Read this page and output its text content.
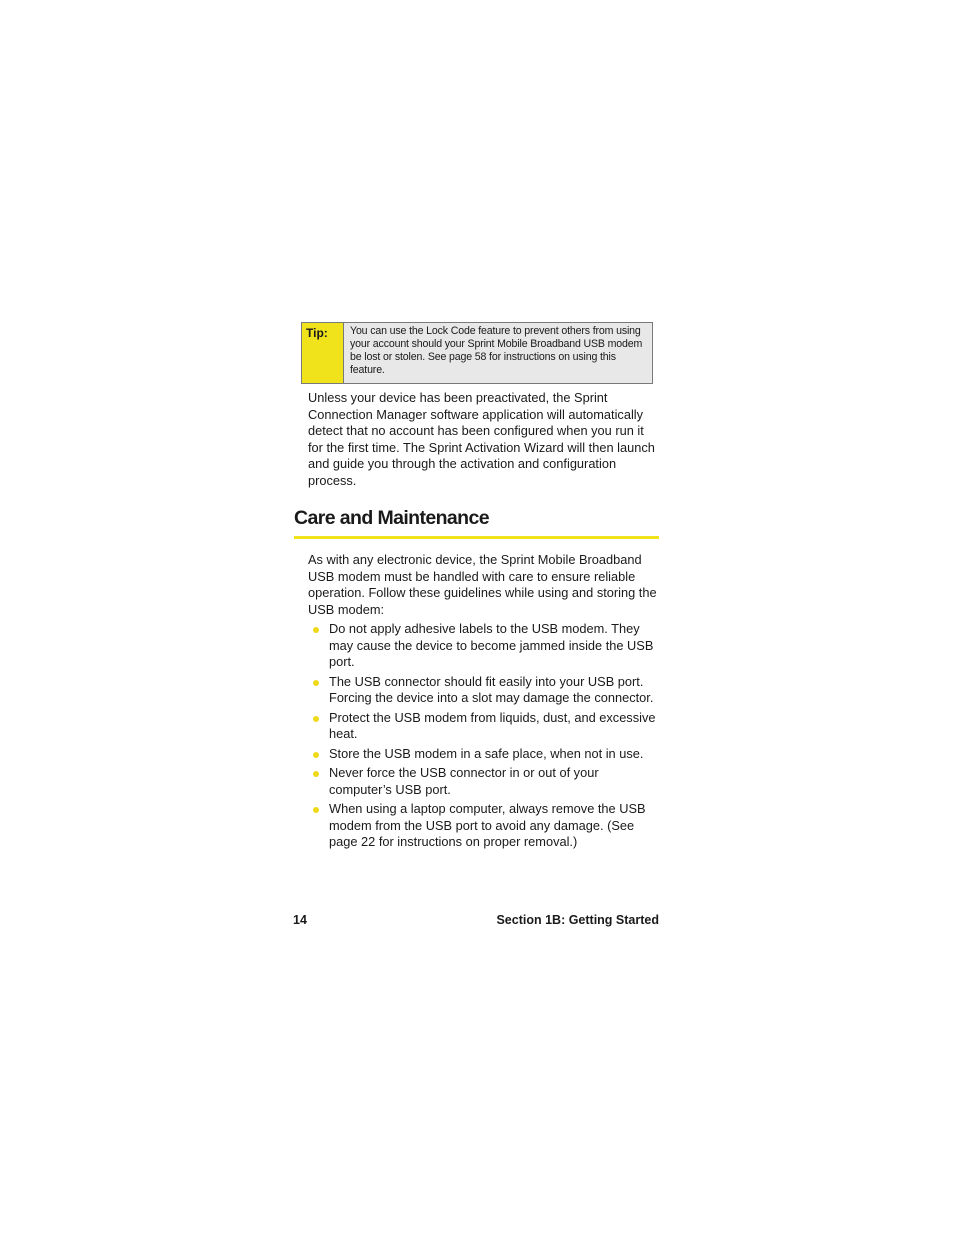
Tip:	You can use the Lock Code feature to prevent others from using your account should your Sprint Mobile Broadband USB modem be lost or stolen. See page 58 for instructions on using this feature.

Unless your device has been preactivated, the Sprint Connection Manager software application will automatically detect that no account has been configured when you run it for the first time. The Sprint Activation Wizard will then launch and guide you through the activation and configuration process.

Care and Maintenance

As with any electronic device, the Sprint Mobile Broadband USB modem must be handled with care to ensure reliable operation. Follow these guidelines while using and storing the USB modem:

Do not apply adhesive labels to the USB modem. They may cause the device to become jammed inside the USB port.
The USB connector should fit easily into your USB port. Forcing the device into a slot may damage the connector.
Protect the USB modem from liquids, dust, and excessive heat.
Store the USB modem in a safe place, when not in use.
Never force the USB connector in or out of your computer’s USB port.
When using a laptop computer, always remove the USB modem from the USB port to avoid any damage. (See page 22 for instructions on proper removal.)
14	Section 1B: Getting Started
